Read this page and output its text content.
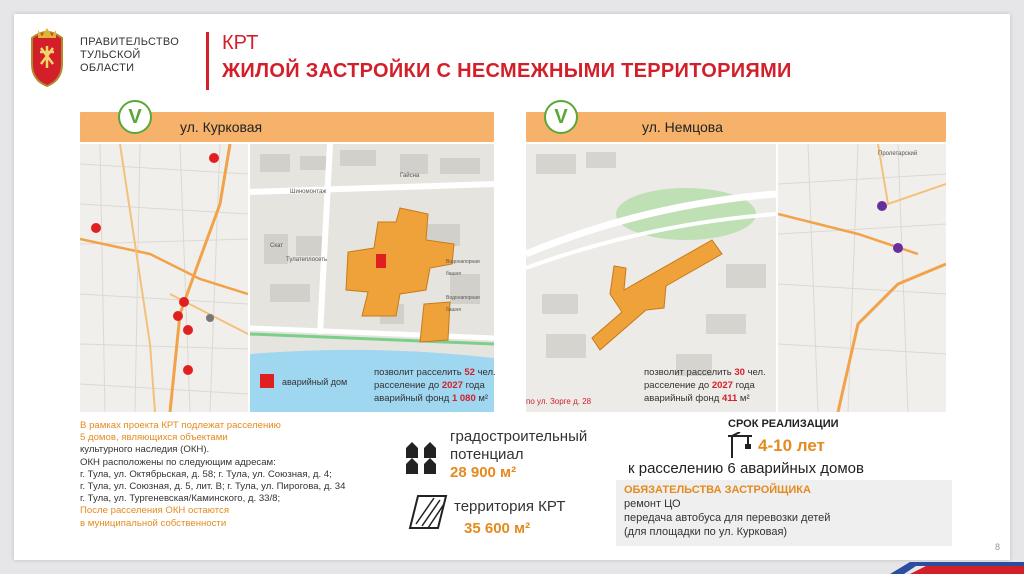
ПРАВИТЕЛЬСТВО
ТУЛЬСКОЙ
ОБЛАСТИ
КРТ
ЖИЛОЙ ЗАСТРОЙКИ С НЕСМЕЖНЫМИ ТЕРРИТОРИЯМИ
V	ул. Курковая	V	ул. Немцова
Шиномонтаж
Гайсна
Тулатеплосеть	Водонапорная башня
Водонапорная башня
Скат
аварийный дом
позволит расселить 52 чел.
расселение до 2027 года
аварийный фонд 1 080 м²	по ул. Зорге д. 28
Пролетарский
позволит расселить 30 чел.
расселение до 2027 года
аварийный фонд 411 м²
В рамках проекта КРТ подлежат расселению
5 домов, являющихся объектами
культурного наследия (ОКН).
ОКН расположены по следующим адресам:
г. Тула, ул. Октябрьская, д. 58; г. Тула, ул. Союзная, д. 4;
г. Тула, ул. Союзная, д. 5, лит. В; г. Тула, ул. Пирогова, д. 34
г. Тула, ул. Тургеневская/Каминского, д. 33/8;
После расселения ОКН остаются
в муниципальной собственности
градостроительный
потенциал
28 900 м²
территория КРТ
35 600 м²
СРОК РЕАЛИЗАЦИИ
4-10 лет
к расселению 6 аварийных домов
ОБЯЗАТЕЛЬСТВА ЗАСТРОЙЩИКА
ремонт ЦО
передача автобуса для перевозки детей
(для площадки по ул. Курковая)
8
